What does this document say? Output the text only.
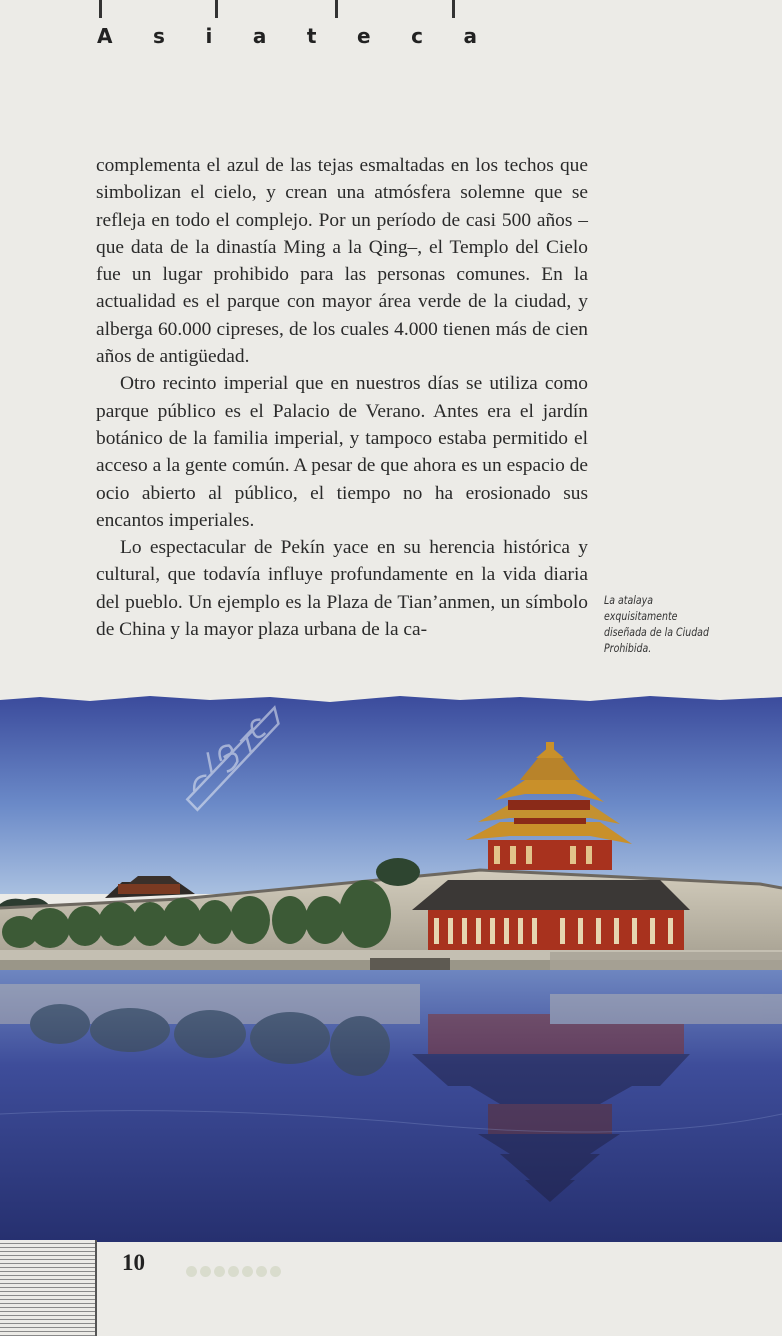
A s i a t e c a

complementa el azul de las tejas esmaltadas en los techos que simbolizan el cielo, y crean una atmósfera solemne que se refleja en todo el complejo. Por un período de casi 500 años –que data de la dinastía Ming a la Qing–, el Templo del Cielo fue un lugar prohibido para las personas comunes. En la actualidad es el parque con mayor área verde de la ciudad, y alberga 60.000 cipreses, de los cuales 4.000 tienen más de cien años de antigüedad.

Otro recinto imperial que en nuestros días se utiliza como parque público es el Palacio de Verano. Antes era el jardín botánico de la familia imperial, y tampoco estaba permitido el acceso a la gente común. A pesar de que ahora es un espacio de ocio abierto al público, el tiempo no ha erosionado sus encantos imperiales.

Lo espectacular de Pekín yace en su herencia histórica y cultural, que todavía influye profundamente en la vida diaria del pueblo. Un ejemplo es la Plaza de Tian’anmen, un símbolo de China y la mayor plaza urbana de la ca-

La atalaya exquisitamente
diseñada de la Ciudad
Prohibida.
10
